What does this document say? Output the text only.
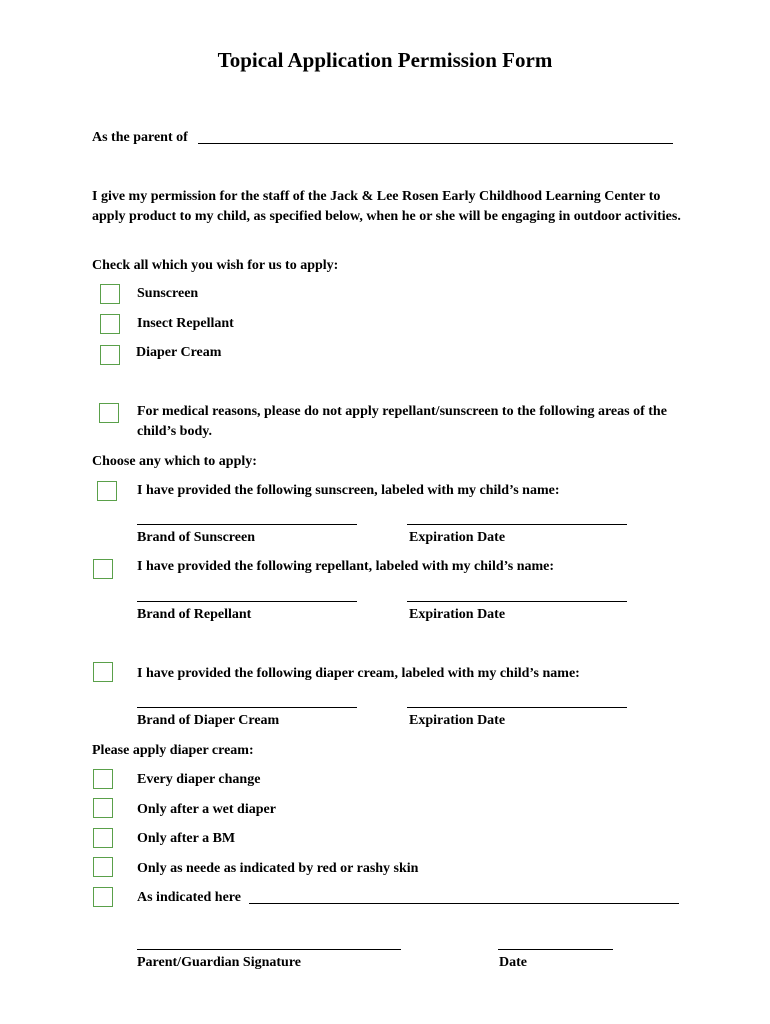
Topical Application Permission Form
As the parent of
I give my permission for the staff of the Jack & Lee Rosen Early Childhood Learning Center to apply product to my child, as specified below, when he or she will be engaging in outdoor activities.
Check all which you wish for us to apply:
Sunscreen
Insect Repellant
Diaper Cream
For medical reasons, please do not apply repellant/sunscreen to the following areas of the child’s body.
Choose any which to apply:
I have provided the following sunscreen, labeled with my child’s name:
Brand of Sunscreen	Expiration Date
I have provided the following repellant, labeled with my child’s name:
Brand of Repellant	Expiration Date
I have provided the following diaper cream, labeled with my child’s name:
Brand of Diaper Cream	Expiration Date
Please apply diaper cream:
Every diaper change
Only after a wet diaper
Only after a BM
Only as neede as indicated by red or rashy skin
As indicated here
Parent/Guardian Signature	Date
